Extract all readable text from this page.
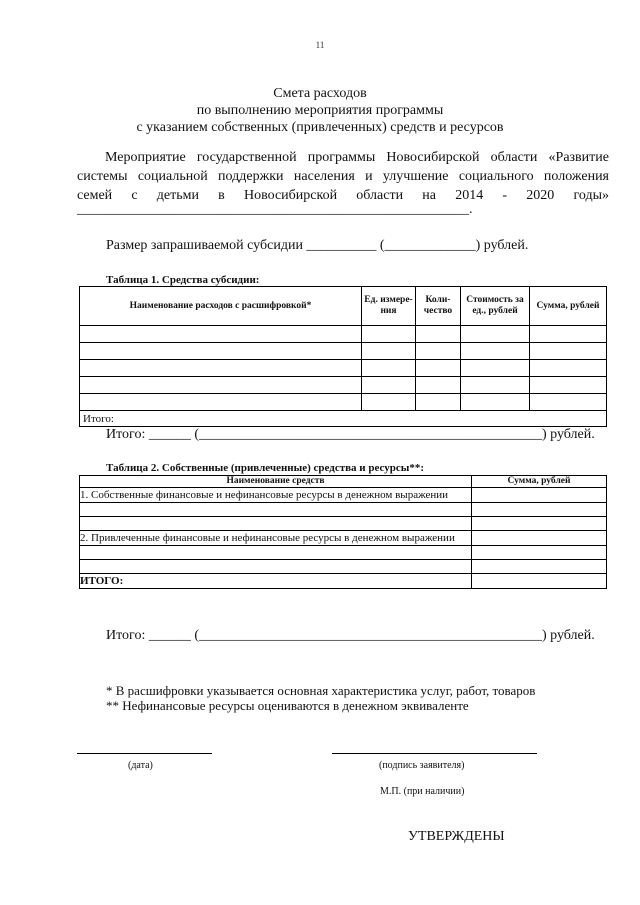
11
Смета расходов
по выполнению мероприятия программы
с указанием собственных (привлеченных) средств и ресурсов
Мероприятие государственной программы Новосибирской области «Развитие
системы социальной поддержки населения и улучшение социального положения
семей с детьми в Новосибирской области на 2014 - 2020 годы»
________________________________________________________.
Размер запрашиваемой субсидии __________ (_____________) рублей.
Таблица 1. Средства субсидии:
Наименование расходов с расшифровкой*	Ед. измере-ния	Коли-чество	Стоимость за ед., рублей	Сумма, рублей

Итого:				
Итого: ______ (_________________________________________________) рублей.
Таблица 2. Собственные (привлеченные) средства и ресурсы**:
Наименование средств	Сумма, рублей
1. Собственные финансовые и нефинансовые ресурсы в денежном выражении	

2. Привлеченные финансовые и нефинансовые ресурсы в денежном выражении	

ИТОГО:	
Итого: ______ (_________________________________________________) рублей.
* В расшифровки указывается основная характеристика услуг, работ, товаров
** Нефинансовые ресурсы оцениваются в денежном эквиваленте
(дата)	(подпись заявителя)
М.П. (при наличии)
УТВЕРЖДЕНЫ
